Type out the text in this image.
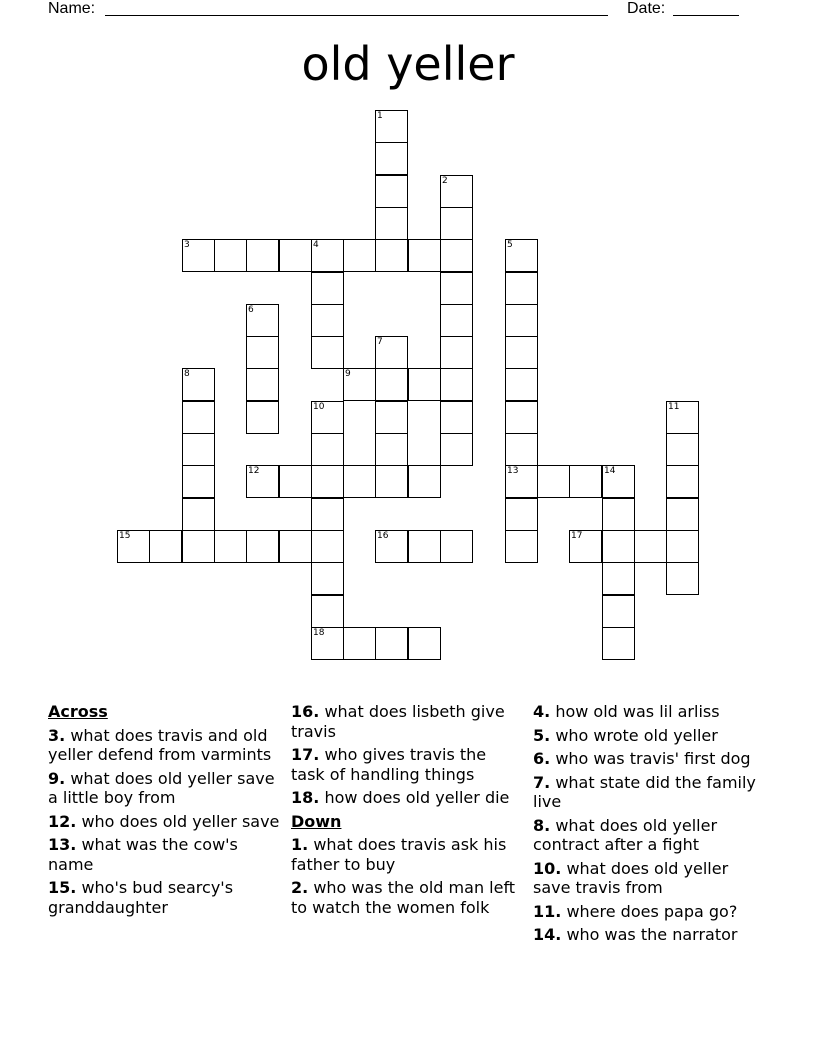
Name:	Date:
old yeller
1
2
3	4	5
13
6
7
8	9
10
18
11
12	14
15	16	17
Across
3. what does travis and old yeller defend from varmints
9. what does old yeller save a little boy from
12. who does old yeller save
13. what was the cow's name
15. who's bud searcy's granddaughter
16. what does lisbeth give travis
17. who gives travis the task of handling things
18. how does old yeller die
Down
1. what does travis ask his father to buy
2. who was the old man left to watch the women folk
4. how old was lil arliss
5. who wrote old yeller
6. who was travis' first dog
7. what state did the family live
8. what does old yeller contract after a fight
10. what does old yeller save travis from
11. where does papa go?
14. who was the narrator
